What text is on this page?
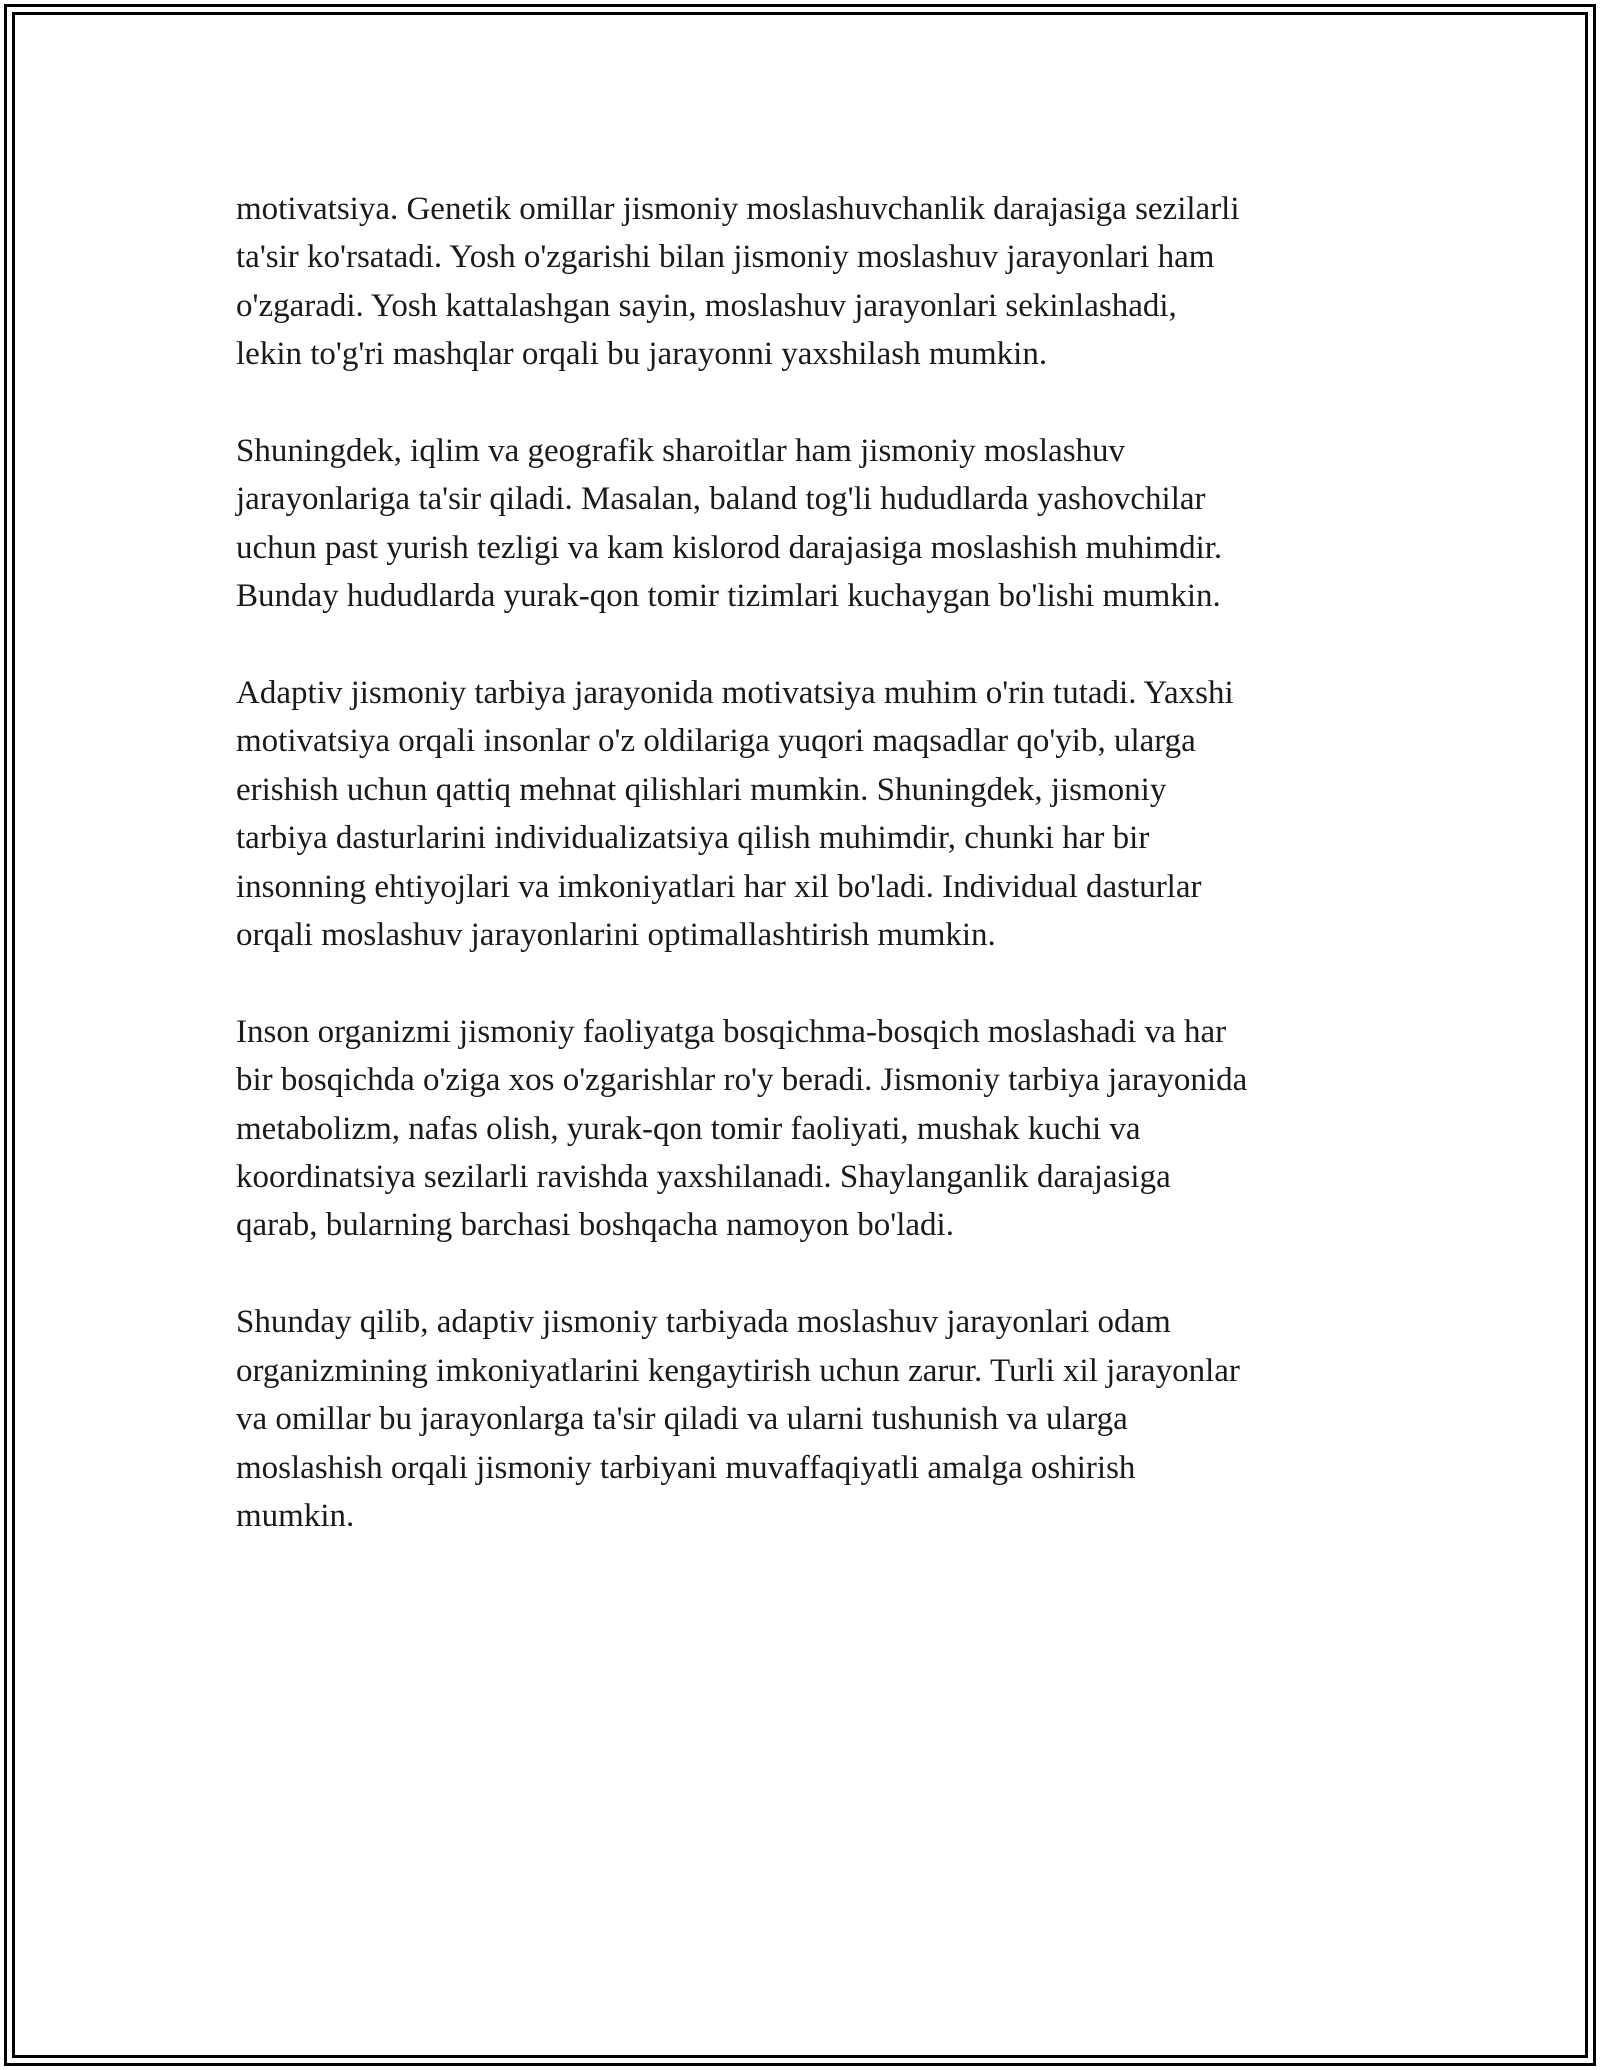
motivatsiya. Genetik omillar jismoniy moslashuvchanlik darajasiga sezilarli
ta'sir ko'rsatadi. Yosh o'zgarishi bilan jismoniy moslashuv jarayonlari ham
o'zgaradi. Yosh kattalashgan sayin, moslashuv jarayonlari sekinlashadi,
lekin to'g'ri mashqlar orqali bu jarayonni yaxshilash mumkin.

Shuningdek, iqlim va geografik sharoitlar ham jismoniy moslashuv
jarayonlariga ta'sir qiladi. Masalan, baland tog'li hududlarda yashovchilar
uchun past yurish tezligi va kam kislorod darajasiga moslashish muhimdir.
Bunday hududlarda yurak-qon tomir tizimlari kuchaygan bo'lishi mumkin.

Adaptiv jismoniy tarbiya jarayonida motivatsiya muhim o'rin tutadi. Yaxshi
motivatsiya orqali insonlar o'z oldilariga yuqori maqsadlar qo'yib, ularga
erishish uchun qattiq mehnat qilishlari mumkin. Shuningdek, jismoniy
tarbiya dasturlarini individualizatsiya qilish muhimdir, chunki har bir
insonning ehtiyojlari va imkoniyatlari har xil bo'ladi. Individual dasturlar
orqali moslashuv jarayonlarini optimallashtirish mumkin.

Inson organizmi jismoniy faoliyatga bosqichma-bosqich moslashadi va har
bir bosqichda o'ziga xos o'zgarishlar ro'y beradi. Jismoniy tarbiya jarayonida
metabolizm, nafas olish, yurak-qon tomir faoliyati, mushak kuchi va
koordinatsiya sezilarli ravishda yaxshilanadi. Shaylanganlik darajasiga
qarab, bularning barchasi boshqacha namoyon bo'ladi.

Shunday qilib, adaptiv jismoniy tarbiyada moslashuv jarayonlari odam
organizmining imkoniyatlarini kengaytirish uchun zarur. Turli xil jarayonlar
va omillar bu jarayonlarga ta'sir qiladi va ularni tushunish va ularga
moslashish orqali jismoniy tarbiyani muvaffaqiyatli amalga oshirish
mumkin.
